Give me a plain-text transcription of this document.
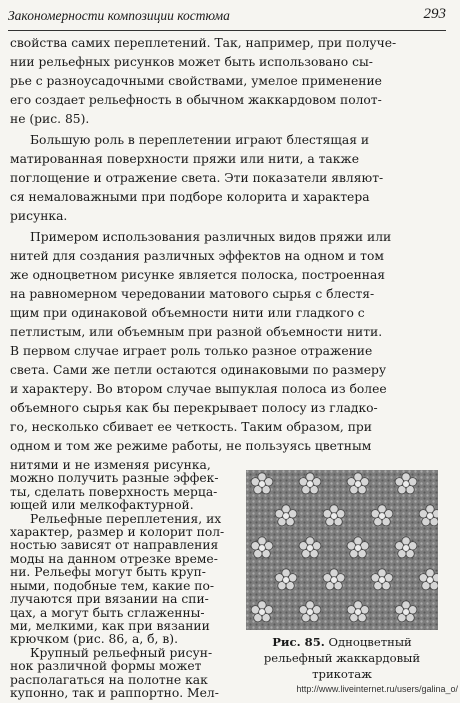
Закономерности композиции костюма	293
свойства самих переплетений. Так, например, при получе-
нии рельефных рисунков может быть использовано сы-
рье с разноусадочными свойствами, умелое применение
его создает рельефность в обычном жаккардовом полот-
не (рис. 85).
Большую роль в переплетении играют блестящая и
матированная поверхности пряжи или нити, а также
поглощение и отражение света. Эти показатели являют-
ся немаловажными при подборе колорита и характера
рисунка.
Примером использования различных видов пряжи или
нитей для создания различных эффектов на одном и том
же одноцветном рисунке является полоска, построенная
на равномерном чередовании матового сырья с блестя-
щим при одинаковой объемности нити или гладкого с
петлистым, или объемным при разной объемности нити.
В первом случае играет роль только разное отражение
света. Сами же петли остаются одинаковыми по размеру
и характеру. Во втором случае выпуклая полоса из более
объемного сырья как бы перекрывает полосу из гладко-
го, несколько сбивает ее четкость. Таким образом, при
одном и том же режиме работы, не пользуясь цветным
нитями и не изменяя рисунка,
можно получить разные эффек-
ты, сделать поверхность мерца-
ющей или мелкофактурной.
Рельефные переплетения, их
характер, размер и колорит пол-
ностью зависят от направления
моды на данном отрезке време-
ни. Рельефы могут быть круп-
ными, подобные тем, какие по-
лучаются при вязании на спи-
цах, а могут быть сглаженны-
ми, мелкими, как при вязании
крючком (рис. 86, а, б, в).
Крупный рельефный рисун-
нок различной формы может
располагаться на полотне как
купонно, так и раппортно. Мел-
Рис. 85. Одноцветный
рельефный жаккардовый
трикотаж
http://www.liveinternet.ru/users/galina_o/
